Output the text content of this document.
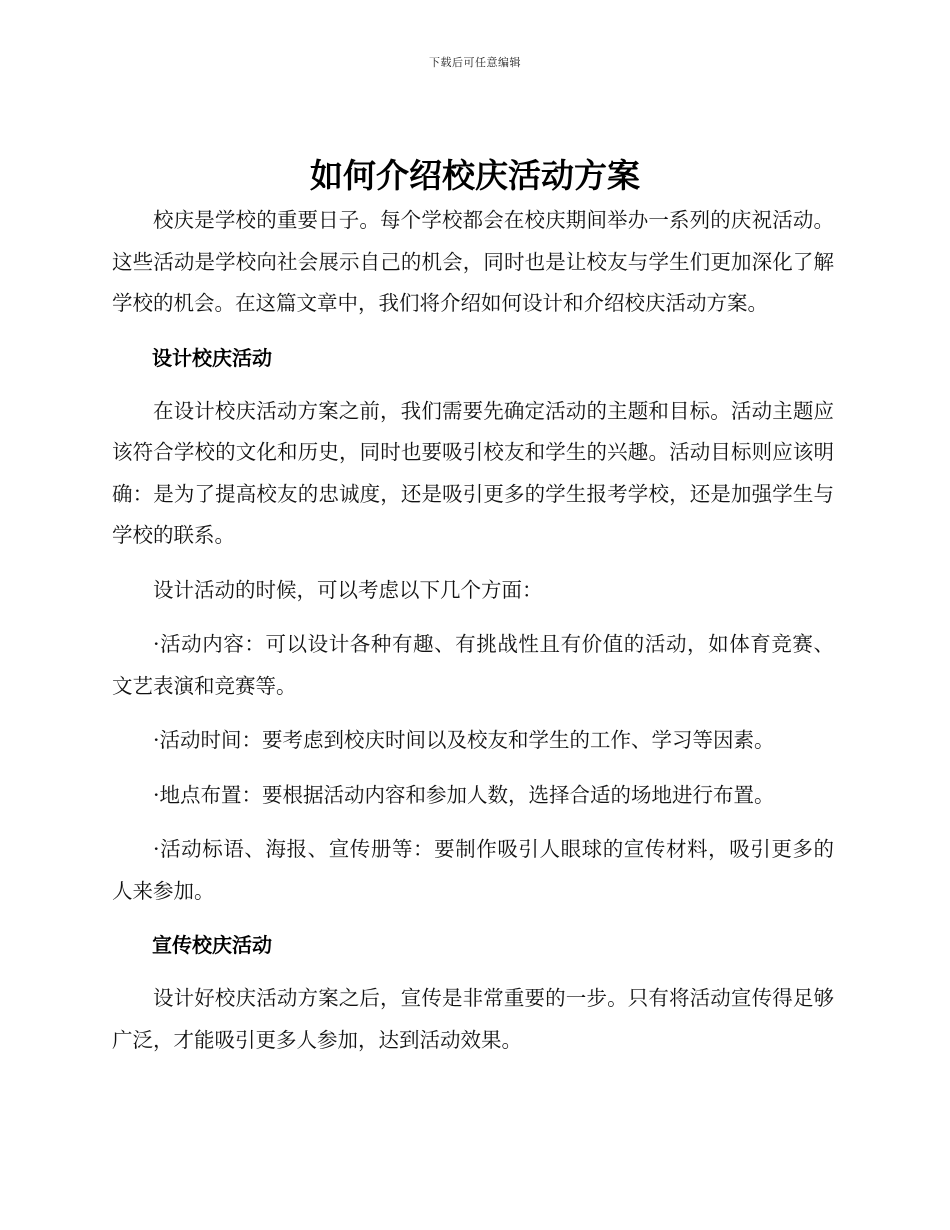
下载后可任意编辑
如何介绍校庆活动方案

校庆是学校的重要日子。每个学校都会在校庆期间举办一系列的庆祝活动。这些活动是学校向社会展示自己的机会，同时也是让校友与学生们更加深化了解学校的机会。在这篇文章中，我们将介绍如何设计和介绍校庆活动方案。

设计校庆活动

在设计校庆活动方案之前，我们需要先确定活动的主题和目标。活动主题应该符合学校的文化和历史，同时也要吸引校友和学生的兴趣。活动目标则应该明确：是为了提高校友的忠诚度，还是吸引更多的学生报考学校，还是加强学生与学校的联系。

设计活动的时候，可以考虑以下几个方面：

·活动内容：可以设计各种有趣、有挑战性且有价值的活动，如体育竞赛、文艺表演和竞赛等。

·活动时间：要考虑到校庆时间以及校友和学生的工作、学习等因素。

·地点布置：要根据活动内容和参加人数，选择合适的场地进行布置。

·活动标语、海报、宣传册等：要制作吸引人眼球的宣传材料，吸引更多的人来参加。

宣传校庆活动

设计好校庆活动方案之后，宣传是非常重要的一步。只有将活动宣传得足够广泛，才能吸引更多人参加，达到活动效果。
